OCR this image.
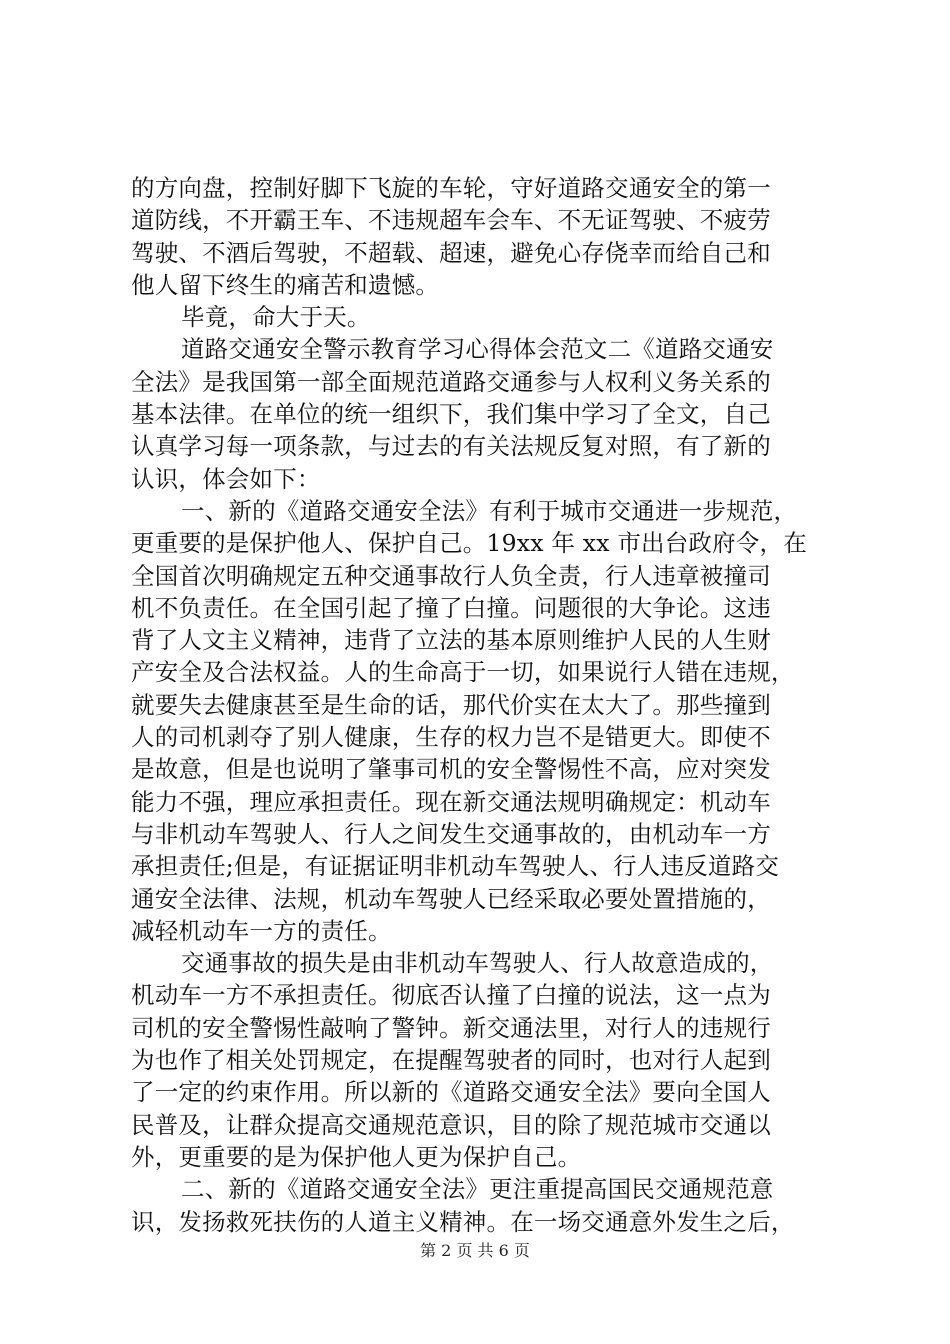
的方向盘，控制好脚下飞旋的车轮，守好道路交通安全的第一
道防线，不开霸王车、不违规超车会车、不无证驾驶、不疲劳
驾驶、不酒后驾驶，不超载、超速，避免心存侥幸而给自己和
他人留下终生的痛苦和遗憾。
毕竟，命大于天。
道路交通安全警示教育学习心得体会范文二《道路交通安
全法》是我国第一部全面规范道路交通参与人权利义务关系的
基本法律。在单位的统一组织下，我们集中学习了全文，自己
认真学习每一项条款，与过去的有关法规反复对照，有了新的
认识，体会如下：
一、新的《道路交通安全法》有利于城市交通进一步规范，
更重要的是保护他人、保护自己。19xx 年 xx 市出台政府令，在
全国首次明确规定五种交通事故行人负全责，行人违章被撞司
机不负责任。在全国引起了撞了白撞。问题很的大争论。这违
背了人文主义精神，违背了立法的基本原则维护人民的人生财
产安全及合法权益。人的生命高于一切，如果说行人错在违规，
就要失去健康甚至是生命的话，那代价实在太大了。那些撞到
人的司机剥夺了别人健康，生存的权力岂不是错更大。即使不
是故意，但是也说明了肇事司机的安全警惕性不高，应对突发
能力不强，理应承担责任。现在新交通法规明确规定：机动车
与非机动车驾驶人、行人之间发生交通事故的，由机动车一方
承担责任;但是，有证据证明非机动车驾驶人、行人违反道路交
通安全法律、法规，机动车驾驶人已经采取必要处置措施的，
减轻机动车一方的责任。
交通事故的损失是由非机动车驾驶人、行人故意造成的，
机动车一方不承担责任。彻底否认撞了白撞的说法，这一点为
司机的安全警惕性敲响了警钟。新交通法里，对行人的违规行
为也作了相关处罚规定，在提醒驾驶者的同时，也对行人起到
了一定的约束作用。所以新的《道路交通安全法》要向全国人
民普及，让群众提高交通规范意识，目的除了规范城市交通以
外，更重要的是为保护他人更为保护自己。
二、新的《道路交通安全法》更注重提高国民交通规范意
识，发扬救死扶伤的人道主义精神。在一场交通意外发生之后，
第 2 页 共 6 页
